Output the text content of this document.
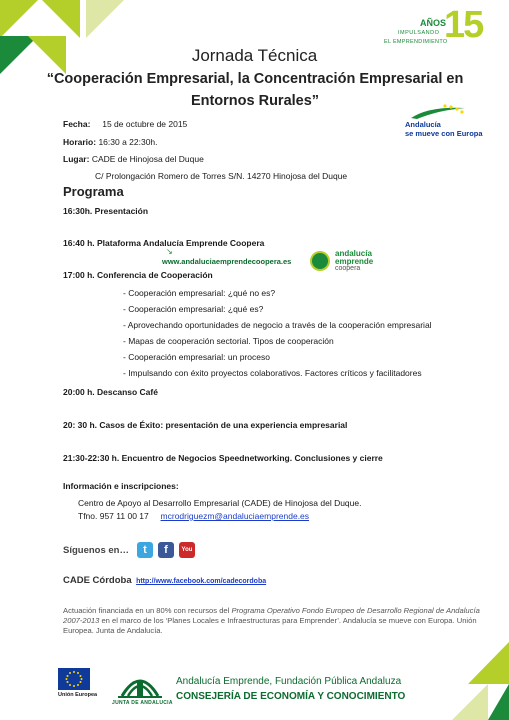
AÑOS
IMPULSANDO
EL EMPRENDIMIENTO
15
Jornada Técnica
“Cooperación Empresarial, la Concentración Empresarial en Entornos Rurales”
Andalucía
se mueve con Europa
Fecha: 15 de octubre de 2015
Horario: 16:30 a 22:30h.
Lugar: CADE de Hinojosa del Duque
C/ Prolongación Romero de Torres S/N. 14270 Hinojosa del Duque
Programa
16:30h. Presentación
16:40 h. Plataforma Andalucía Emprende Coopera
↘
www.andaluciaemprendecoopera.es
andalucía
emprende
coopera
17:00 h. Conferencia de Cooperación
- Cooperación empresarial: ¿qué no es?
- Cooperación empresarial: ¿qué es?
- Aprovechando oportunidades de negocio a través de la cooperación empresarial
- Mapas de cooperación sectorial. Tipos de cooperación
- Cooperación empresarial: un proceso
- Impulsando con éxito proyectos colaborativos. Factores críticos y facilitadores
20:00 h. Descanso Café
20: 30 h. Casos de Éxito: presentación de una experiencia empresarial
21:30-22:30 h. Encuentro de Negocios Speednetworking. Conclusiones y cierre
Información e inscripciones:
Centro de Apoyo al Desarrollo Empresarial (CADE) de Hinojosa del Duque.
Tfno. 957 11 00 17 mcrodriguezm@andaluciaemprende.es
Síguenos en…	t	f	You
CADE Córdoba http://www.facebook.com/cadecordoba
Actuación financiada en un 80% con recursos del Programa Operativo Fondo Europeo de Desarrollo Regional de Andalucía 2007-2013 en el marco de los ‘Planes Locales e Infraestructuras para Emprender’. Andalucía se mueve con Europa. Unión Europea. Junta de Andalucía.
Unión Europea
JUNTA DE ANDALUCIA
Andalucía Emprende, Fundación Pública Andaluza
CONSEJERÍA DE ECONOMÍA Y CONOCIMIENTO
